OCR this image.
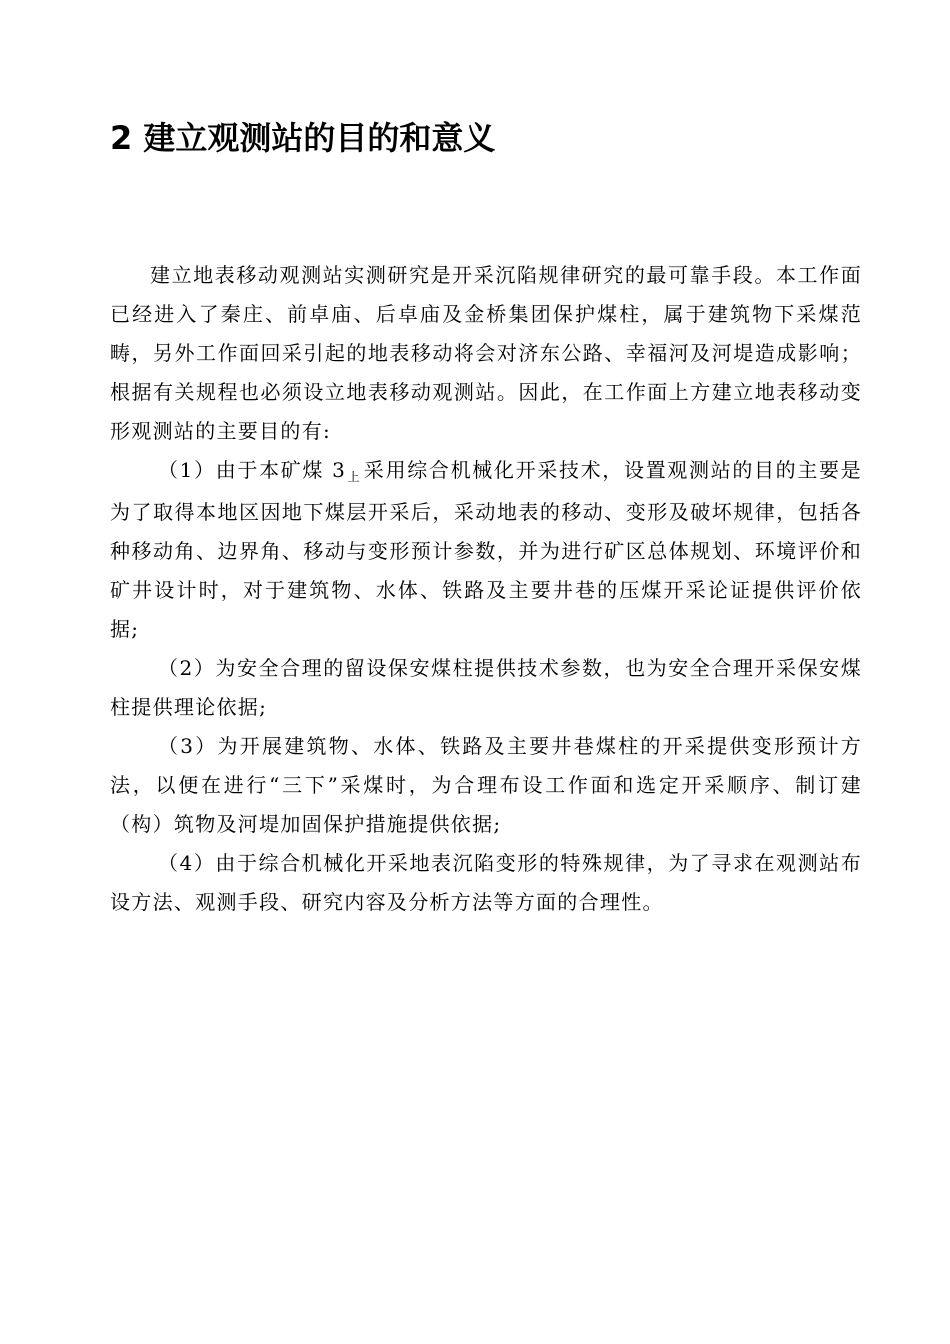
2 建立观测站的目的和意义

建立地表移动观测站实测研究是开采沉陷规律研究的最可靠手段。本工作面已经进入了秦庄、前卓庙、后卓庙及金桥集团保护煤柱，属于建筑物下采煤范畴，另外工作面回采引起的地表移动将会对济东公路、幸福河及河堤造成影响；根据有关规程也必须设立地表移动观测站。因此，在工作面上方建立地表移动变形观测站的主要目的有:

（1）由于本矿煤 $3_上$ 采用综合机械化开采技术，设置观测站的目的主要是为了取得本地区因地下煤层开采后，采动地表的移动、变形及破坏规律，包括各种移动角、边界角、移动与变形预计参数，并为进行矿区总体规划、环境评价和矿井设计时，对于建筑物、水体、铁路及主要井巷的压煤开采论证提供评价依据;

（2）为安全合理的留设保安煤柱提供技术参数，也为安全合理开采保安煤柱提供理论依据;

（3）为开展建筑物、水体、铁路及主要井巷煤柱的开采提供变形预计方法，以便在进行“三下”采煤时，为合理布设工作面和选定开采顺序、制订建（构）筑物及河堤加固保护措施提供依据;

（4）由于综合机械化开采地表沉陷变形的特殊规律，为了寻求在观测站布设方法、观测手段、研究内容及分析方法等方面的合理性。
